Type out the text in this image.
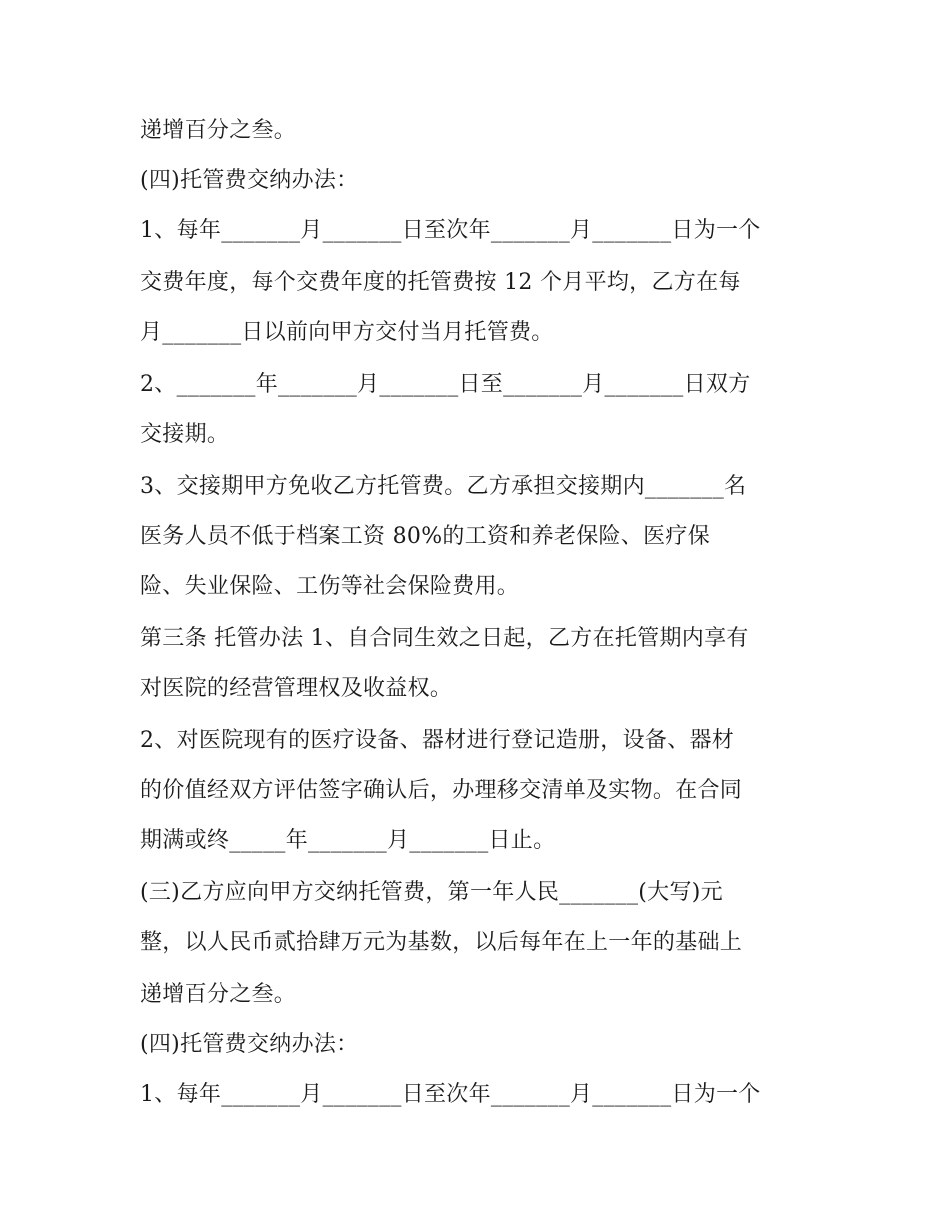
递增百分之叁。
(四)托管费交纳办法：
1、每年_______月_______日至次年_______月_______日为一个
交费年度，每个交费年度的托管费按 12 个月平均，乙方在每
月_______日以前向甲方交付当月托管费。
2、_______年_______月_______日至_______月_______日双方
交接期。
3、交接期甲方免收乙方托管费。乙方承担交接期内_______名
医务人员不低于档案工资 80%的工资和养老保险、医疗保
险、失业保险、工伤等社会保险费用。
第三条 托管办法 1、自合同生效之日起，乙方在托管期内享有
对医院的经营管理权及收益权。
2、对医院现有的医疗设备、器材进行登记造册，设备、器材
的价值经双方评估签字确认后，办理移交清单及实物。在合同
期满或终_____年_______月_______日止。
(三)乙方应向甲方交纳托管费，第一年人民_______(大写)元
整，以人民币贰拾肆万元为基数，以后每年在上一年的基础上
递增百分之叁。
(四)托管费交纳办法：
1、每年_______月_______日至次年_______月_______日为一个
